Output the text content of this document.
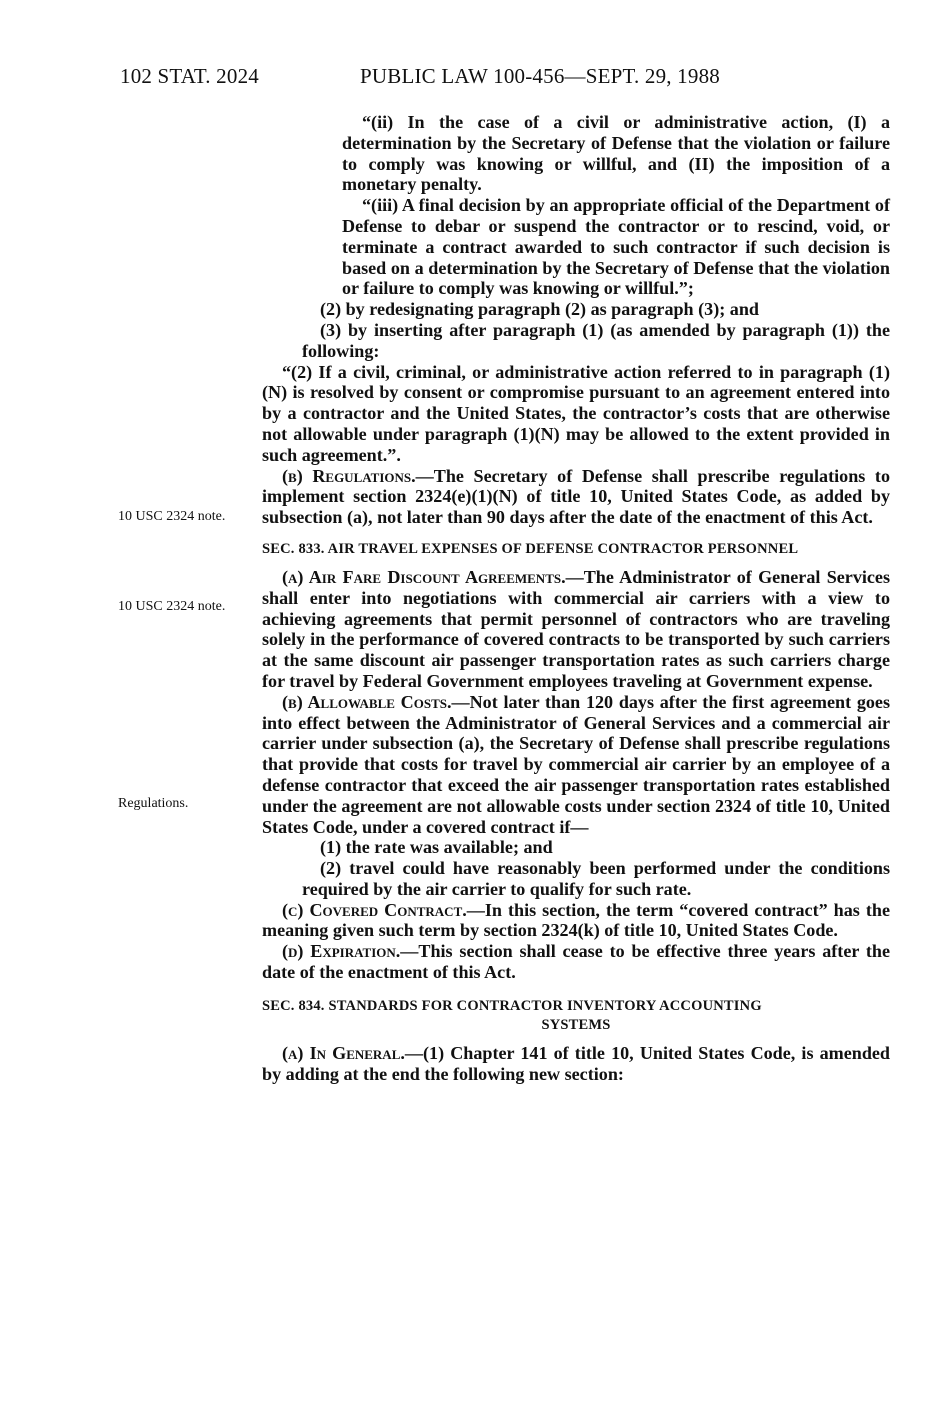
102 STAT. 2024	PUBLIC LAW 100-456—SEPT. 29, 1988
10 USC 2324 note.
10 USC 2324 note.
Regulations.

“(ii) In the case of a civil or administrative action, (I) a determination by the Secretary of Defense that the violation or failure to comply was knowing or willful, and (II) the imposition of a monetary penalty.

“(iii) A final decision by an appropriate official of the Department of Defense to debar or suspend the contractor or to rescind, void, or terminate a contract awarded to such contractor if such decision is based on a determination by the Secretary of Defense that the violation or failure to comply was knowing or willful.”;

(2) by redesignating paragraph (2) as paragraph (3); and

(3) by inserting after paragraph (1) (as amended by paragraph (1)) the following:

“(2) If a civil, criminal, or administrative action referred to in paragraph (1)(N) is resolved by consent or compromise pursuant to an agreement entered into by a contractor and the United States, the contractor’s costs that are otherwise not allowable under paragraph (1)(N) may be allowed to the extent provided in such agreement.”.

(b) Regulations.—The Secretary of Defense shall prescribe regulations to implement section 2324(e)(1)(N) of title 10, United States Code, as added by subsection (a), not later than 90 days after the date of the enactment of this Act.

SEC. 833. AIR TRAVEL EXPENSES OF DEFENSE CONTRACTOR PERSONNEL

(a) Air Fare Discount Agreements.—The Administrator of General Services shall enter into negotiations with commercial air carriers with a view to achieving agreements that permit personnel of contractors who are traveling solely in the performance of covered contracts to be transported by such carriers at the same discount air passenger transportation rates as such carriers charge for travel by Federal Government employees traveling at Government expense.

(b) Allowable Costs.—Not later than 120 days after the first agreement goes into effect between the Administrator of General Services and a commercial air carrier under subsection (a), the Secretary of Defense shall prescribe regulations that provide that costs for travel by commercial air carrier by an employee of a defense contractor that exceed the air passenger transportation rates established under the agreement are not allowable costs under section 2324 of title 10, United States Code, under a covered contract if—

(1) the rate was available; and

(2) travel could have reasonably been performed under the conditions required by the air carrier to qualify for such rate.

(c) Covered Contract.—In this section, the term “covered contract” has the meaning given such term by section 2324(k) of title 10, United States Code.

(d) Expiration.—This section shall cease to be effective three years after the date of the enactment of this Act.

SEC. 834. STANDARDS FOR CONTRACTOR INVENTORY ACCOUNTING
SYSTEMS

(a) In General.—(1) Chapter 141 of title 10, United States Code, is amended by adding at the end the following new section:
